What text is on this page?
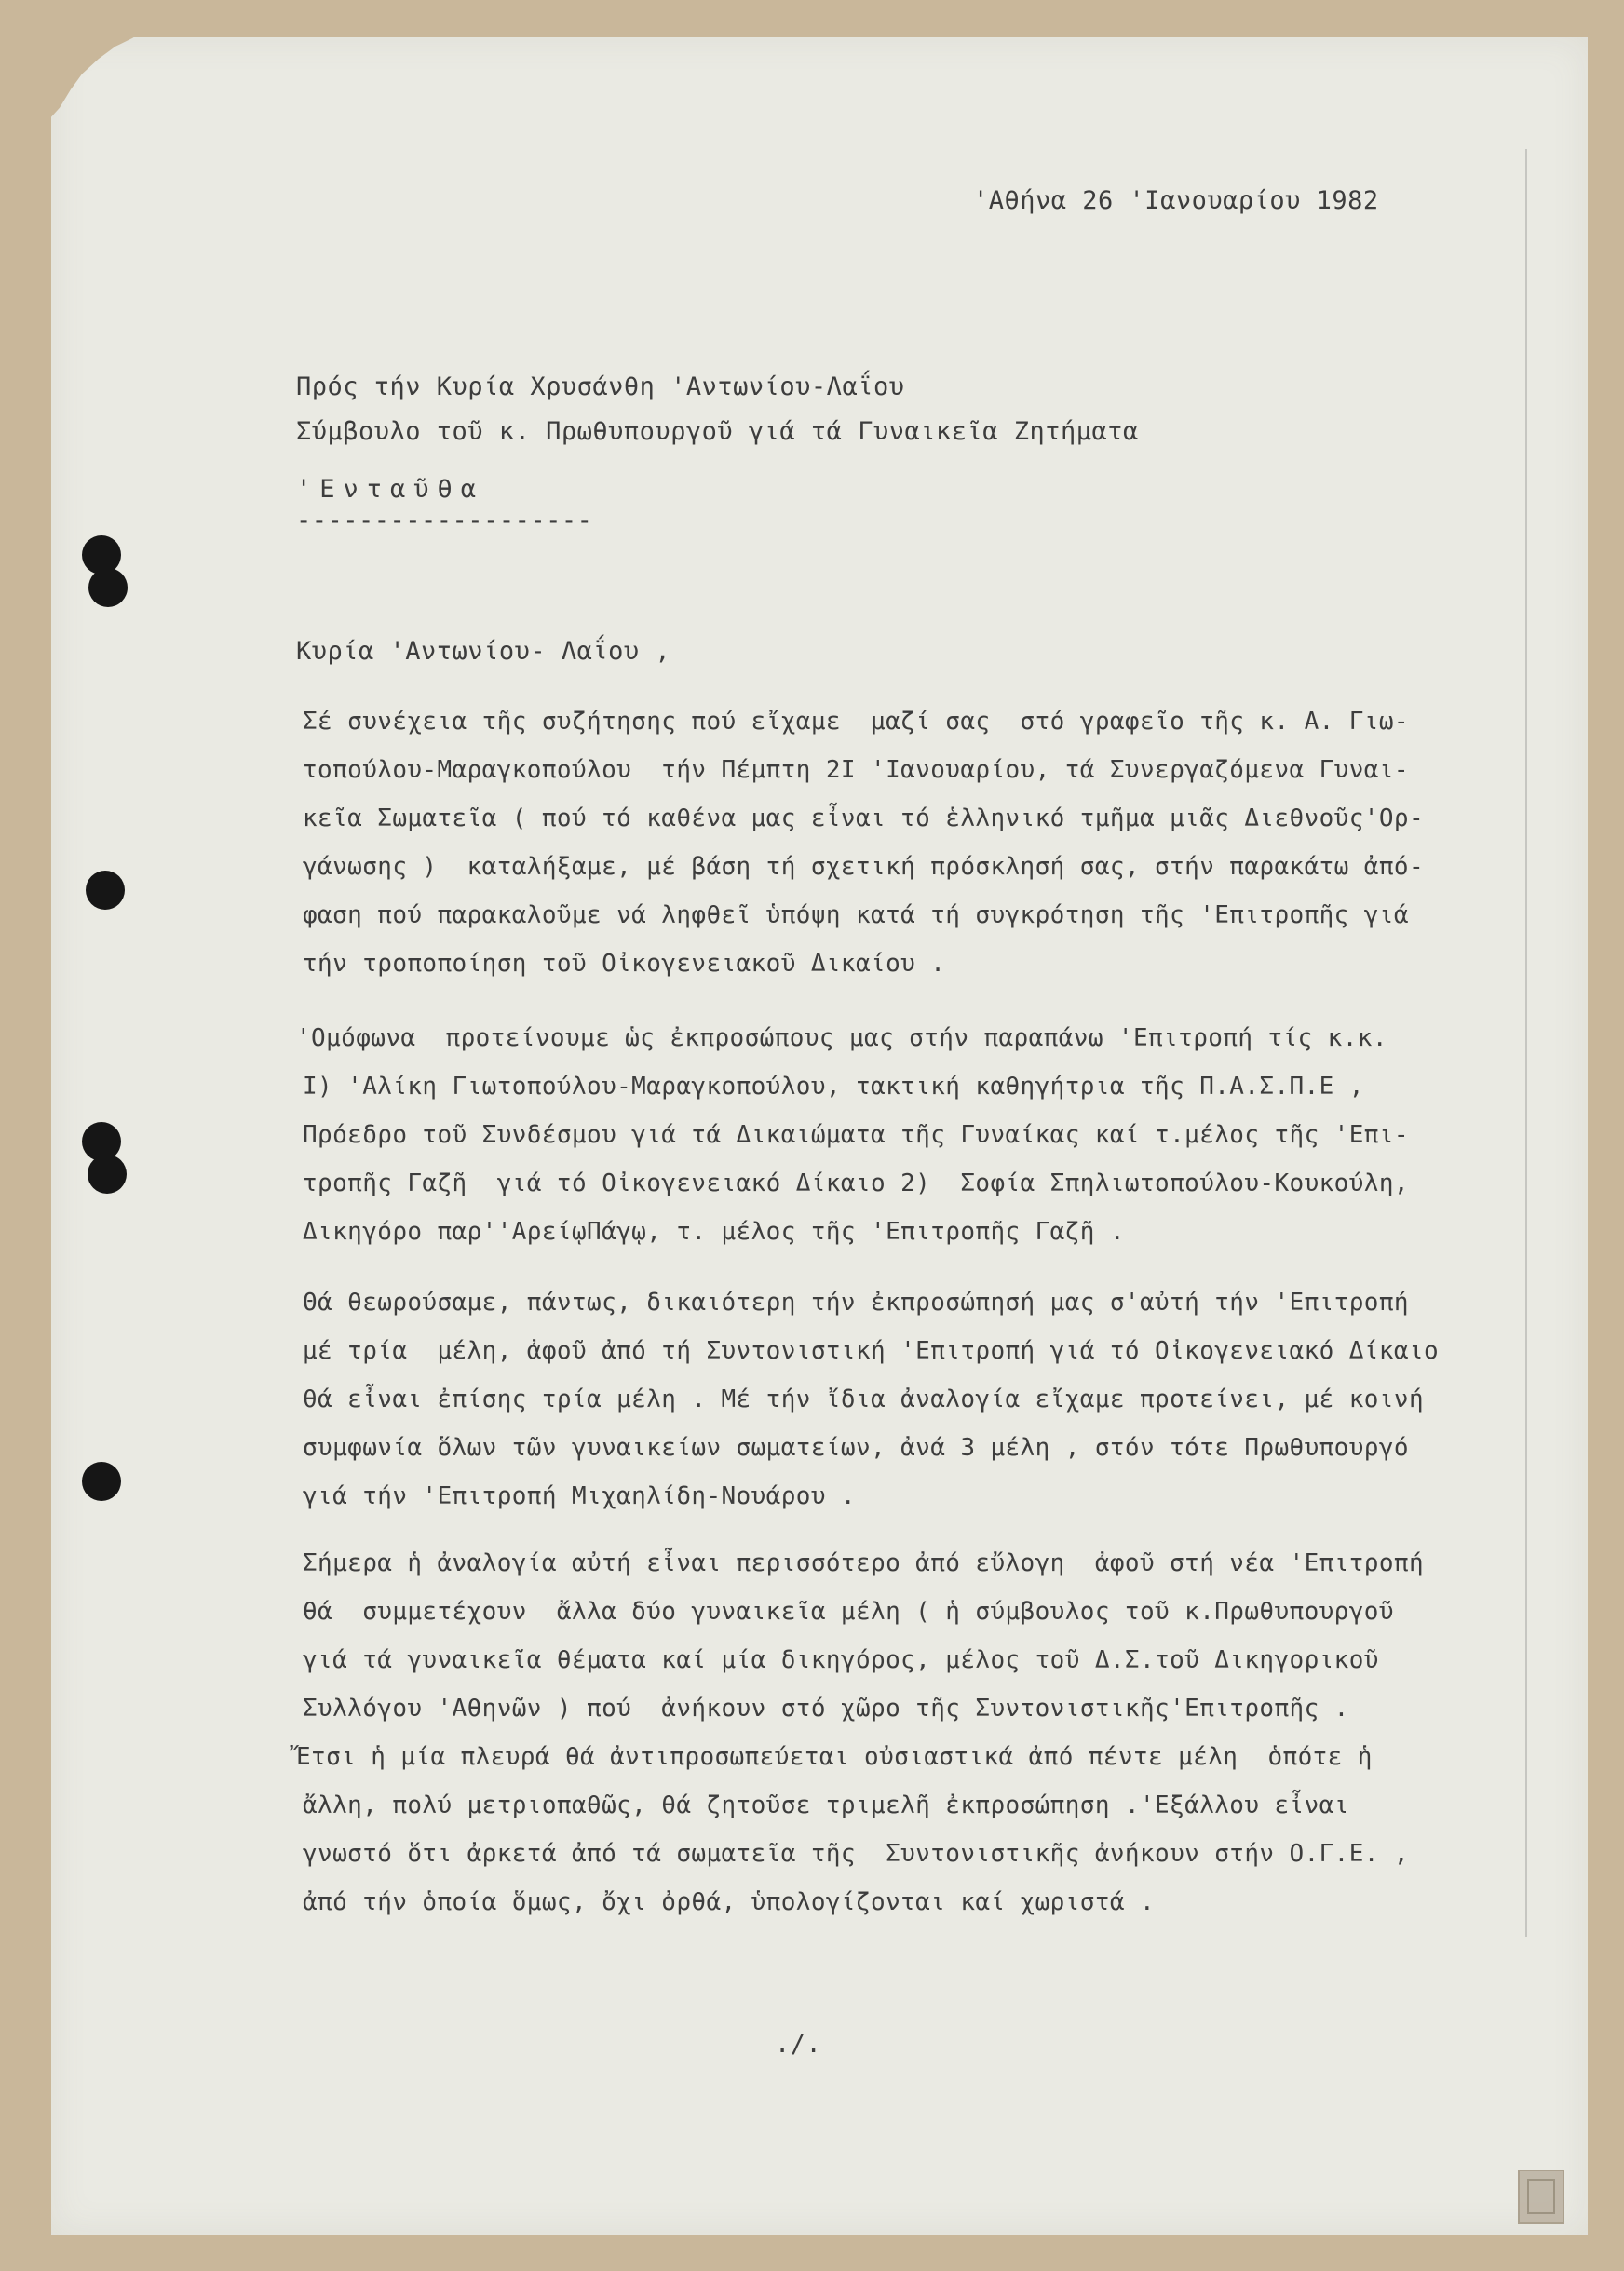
'Αθήνα 26 'Ιανουαρίου 1982

Πρός τήν Κυρία Χρυσάνθη 'Αντωνίου-Λαΐου

Σύμβουλο τοῦ κ. Πρωθυπουργοῦ γιά τά Γυναικεῖα Ζητήματα

'Ενταῦθα

-------------------

Κυρία 'Αντωνίου- Λαΐου ,

Σέ συνέχεια τῆς συζήτησης πού εἴχαμε  μαζί σας  στό γραφεῖο τῆς κ. Α. Γιω-

τοπούλου-Μαραγκοπούλου  τήν Πέμπτη 2Ι 'Ιανουαρίου, τά Συνεργαζόμενα Γυναι-

κεῖα Σωματεῖα ( πού τό καθένα μας εἶναι τό ἑλληνικό τμῆμα μιᾶς Διεθνοῦς'Ορ-

γάνωσης )  καταλήξαμε, μέ βάση τή σχετική πρόσκλησή σας, στήν παρακάτω ἀπό-

φαση πού παρακαλοῦμε νά ληφθεῖ ὑπόψη κατά τή συγκρότηση τῆς 'Επιτροπῆς γιά

τήν τροποποίηση τοῦ Οἰκογενειακοῦ Δικαίου .

'Ομόφωνα  προτείνουμε ὡς ἐκπροσώπους μας στήν παραπάνω 'Επιτροπή τίς κ.κ.

Ι) 'Αλίκη Γιωτοπούλου-Μαραγκοπούλου, τακτική καθηγήτρια τῆς Π.Α.Σ.Π.Ε ,

Πρόεδρο τοῦ Συνδέσμου γιά τά Δικαιώματα τῆς Γυναίκας καί τ.μέλος τῆς 'Επι-

τροπῆς Γαζῆ  γιά τό Οἰκογενειακό Δίκαιο 2)  Σοφία Σπηλιωτοπούλου-Κουκούλη,

Δικηγόρο παρ''ΑρείῳΠάγῳ, τ. μέλος τῆς 'Επιτροπῆς Γαζῆ .

Θά θεωρούσαμε, πάντως, δικαιότερη τήν ἐκπροσώπησή μας σ'αὐτή τήν 'Επιτροπή

μέ τρία  μέλη, ἀφοῦ ἀπό τή Συντονιστική 'Επιτροπή γιά τό Οἰκογενειακό Δίκαιο

θά εἶναι ἐπίσης τρία μέλη . Μέ τήν ἴδια ἀναλογία εἴχαμε προτείνει, μέ κοινή

συμφωνία ὅλων τῶν γυναικείων σωματείων, ἀνά 3 μέλη , στόν τότε Πρωθυπουργό

γιά τήν 'Επιτροπή Μιχαηλίδη-Νουάρου .

Σήμερα ἡ ἀναλογία αὐτή εἶναι περισσότερο ἀπό εὔλογη  ἀφοῦ στή νέα 'Επιτροπή

θά  συμμετέχουν  ἄλλα δύο γυναικεῖα μέλη ( ἡ σύμβουλος τοῦ κ.Πρωθυπουργοῦ

γιά τά γυναικεῖα θέματα καί μία δικηγόρος, μέλος τοῦ Δ.Σ.τοῦ Δικηγορικοῦ

Συλλόγου 'Αθηνῶν ) πού  ἀνήκουν στό χῶρο τῆς Συντονιστικῆς'Επιτροπῆς .

Ἔτσι ἡ μία πλευρά θά ἀντιπροσωπεύεται οὐσιαστικά ἀπό πέντε μέλη  ὁπότε ἡ

ἄλλη, πολύ μετριοπαθῶς, θά ζητοῦσε τριμελῆ ἐκπροσώπηση .'Εξάλλου εἶναι

γνωστό ὅτι ἀρκετά ἀπό τά σωματεῖα τῆς  Συντονιστικῆς ἀνήκουν στήν Ο.Γ.Ε. ,

ἀπό τήν ὁποία ὅμως, ὄχι ὀρθά, ὑπολογίζονται καί χωριστά .

./.
